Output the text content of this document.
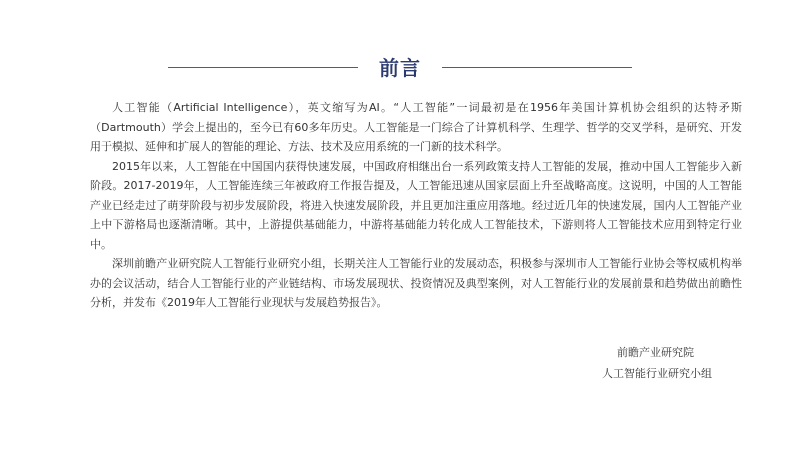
前言

人工智能（Artificial Intelligence），英文缩写为AI。“人工智能”一词最初是在1956年美国计算机协会组织的达特矛斯（Dartmouth）学会上提出的，至今已有60多年历史。人工智能是一门综合了计算机科学、生理学、哲学的交叉学科，是研究、开发用于模拟、延伸和扩展人的智能的理论、方法、技术及应用系统的一门新的技术科学。

2015年以来，人工智能在中国国内获得快速发展，中国政府相继出台一系列政策支持人工智能的发展，推动中国人工智能步入新阶段。2017-2019年，人工智能连续三年被政府工作报告提及，人工智能迅速从国家层面上升至战略高度。这说明，中国的人工智能产业已经走过了萌芽阶段与初步发展阶段，将进入快速发展阶段，并且更加注重应用落地。经过近几年的快速发展，国内人工智能产业上中下游格局也逐渐清晰。其中，上游提供基础能力，中游将基础能力转化成人工智能技术，下游则将人工智能技术应用到特定行业中。

深圳前瞻产业研究院人工智能行业研究小组，长期关注人工智能行业的发展动态，积极参与深圳市人工智能行业协会等权威机构举办的会议活动，结合人工智能行业的产业链结构、市场发展现状、投资情况及典型案例，对人工智能行业的发展前景和趋势做出前瞻性分析，并发布《2019年人工智能行业现状与发展趋势报告》。

前瞻产业研究院
人工智能行业研究小组
